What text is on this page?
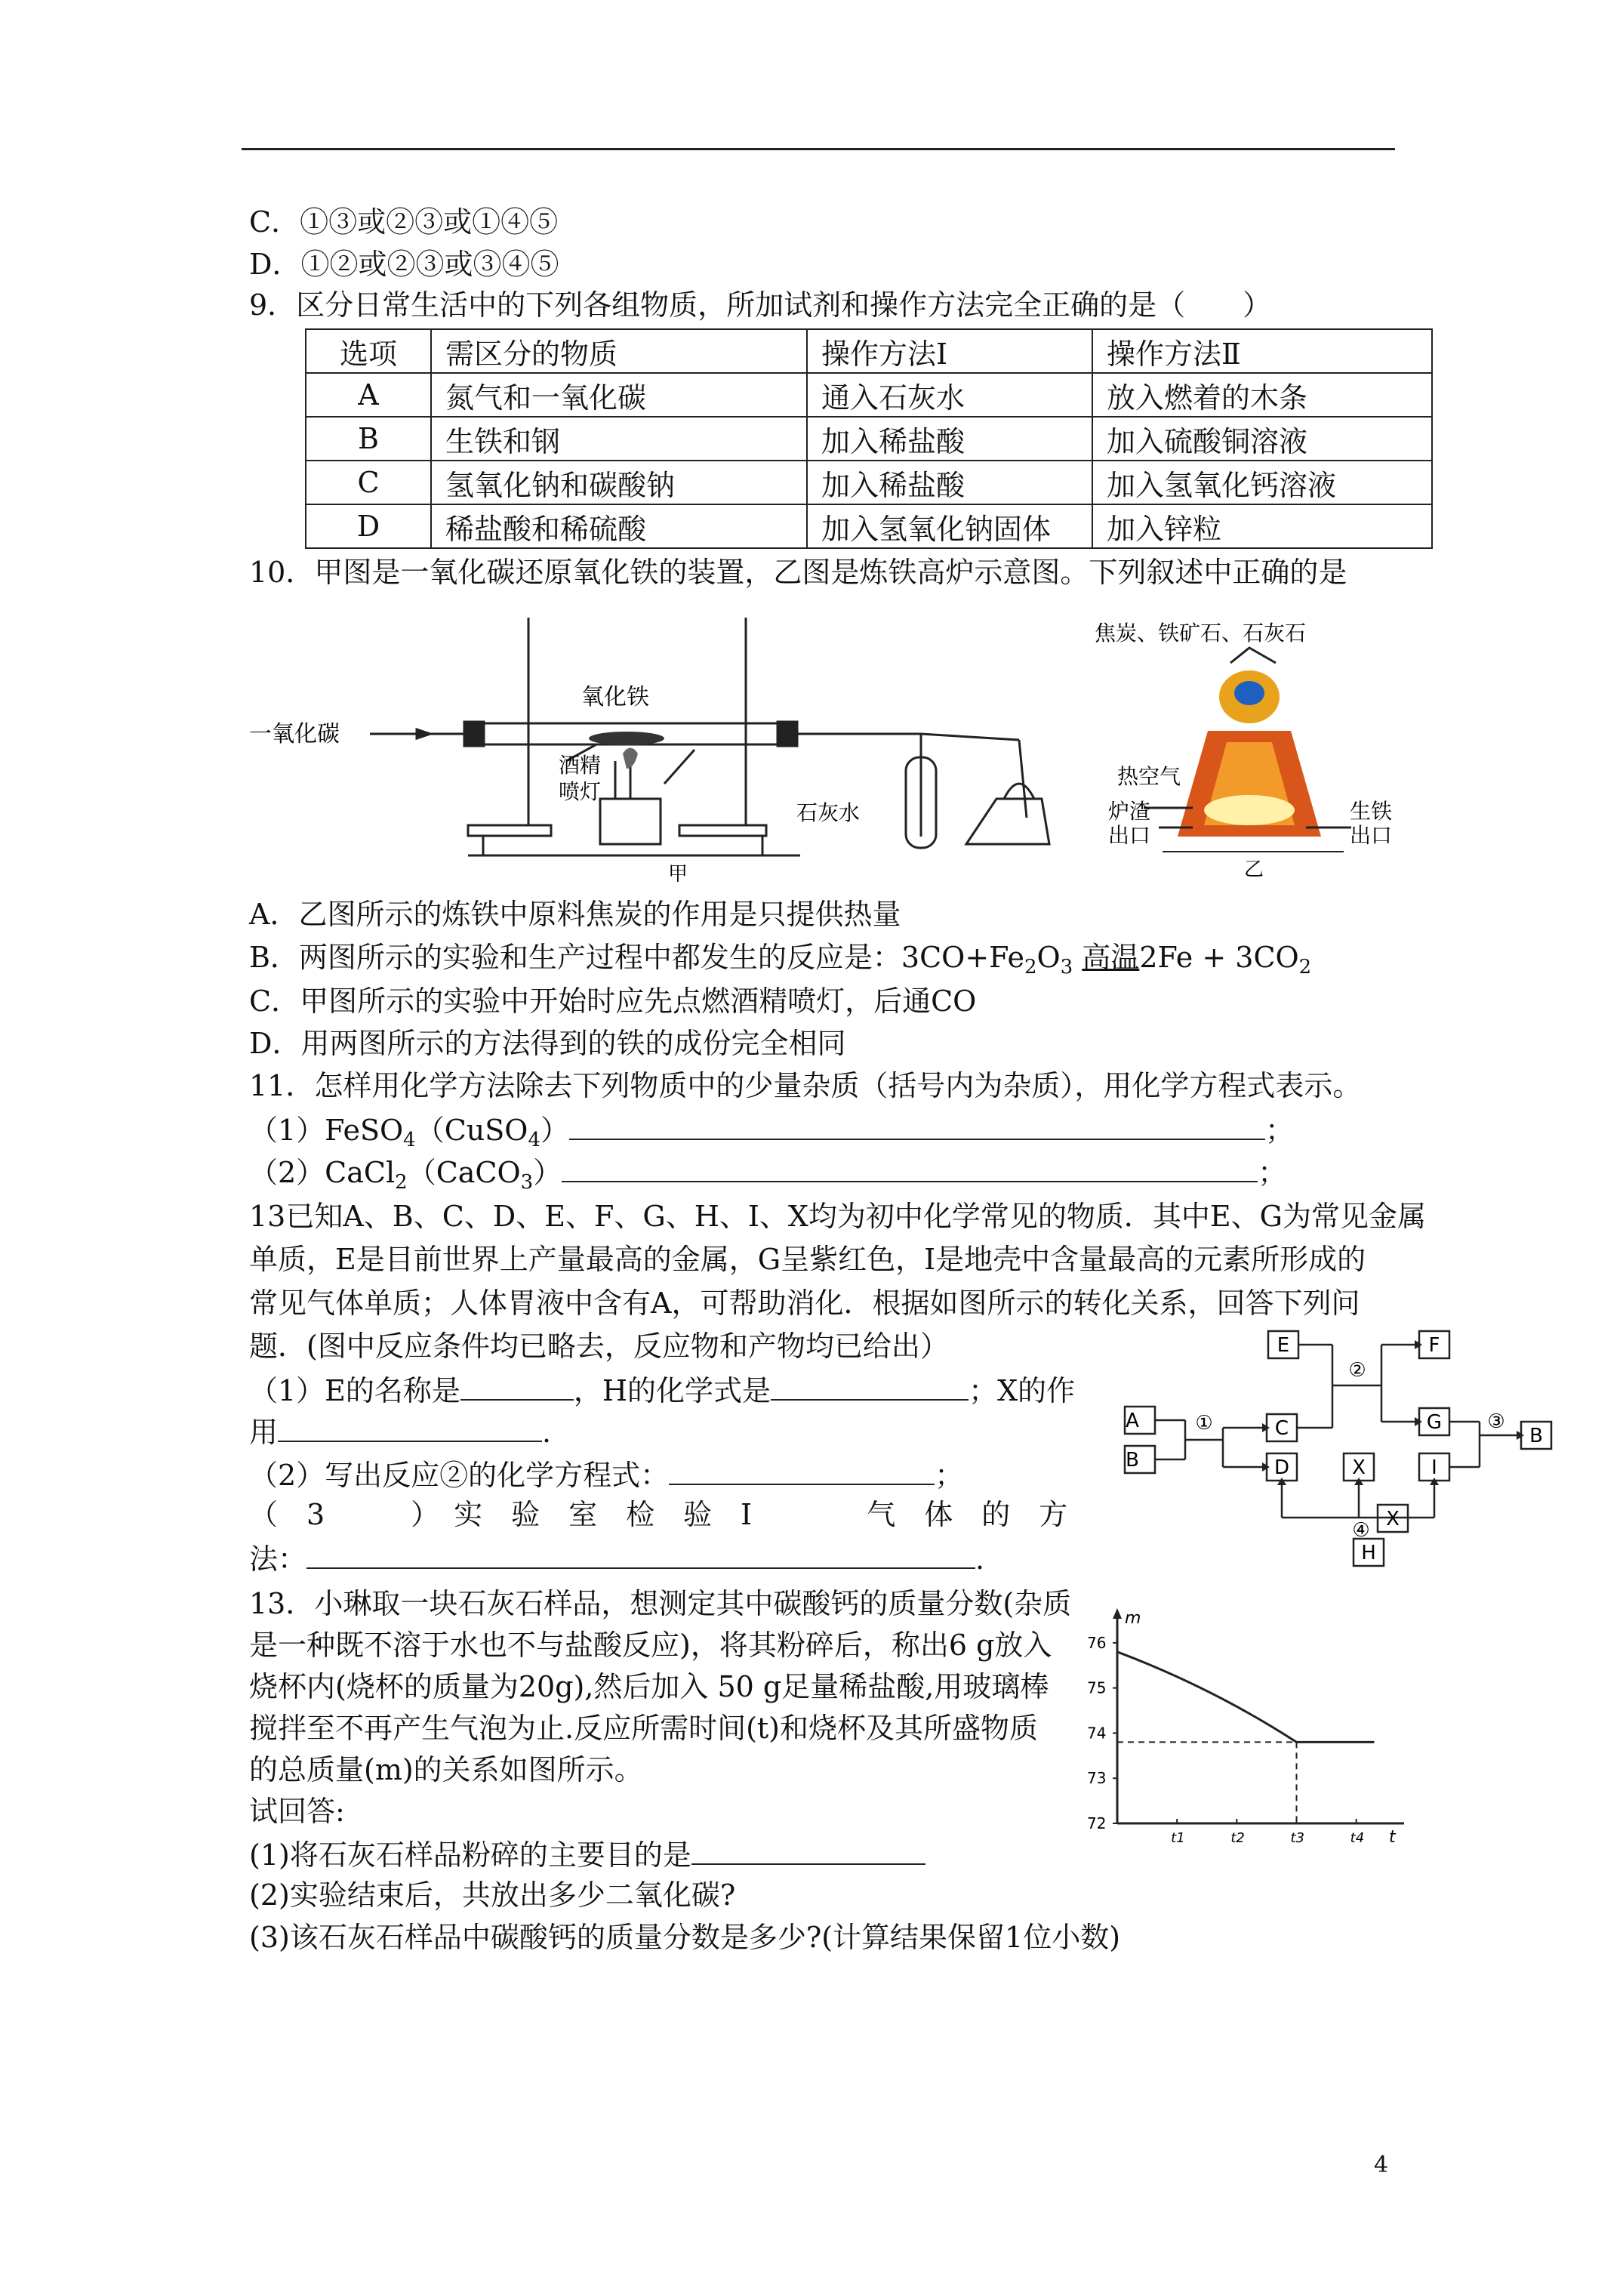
C．①③或②③或①④⑤
D．①②或②③或③④⑤
9．区分日常生活中的下列各组物质，所加试剂和操作方法完全正确的是（　　）
选项	需区分的物质	操作方法Ⅰ	操作方法Ⅱ
A	氮气和一氧化碳	通入石灰水	放入燃着的木条
B	生铁和钢	加入稀盐酸	加入硫酸铜溶液
C	氢氧化钠和碳酸钠	加入稀盐酸	加入氢氧化钙溶液
D	稀盐酸和稀硫酸	加入氢氧化钠固体	加入锌粒
10．甲图是一氧化碳还原氧化铁的装置，乙图是炼铁高炉示意图。下列叙述中正确的是
一氧化碳
氧化铁
酒精
喷灯
石灰水
甲
焦炭、铁矿石、石灰石
热空气
炉渣
出口
生铁
出口
乙
A．乙图所示的炼铁中原料焦炭的作用是只提供热量
B．两图所示的实验和生产过程中都发生的反应是：$3CO+Fe_2O_3$ 高温$2Fe + 3CO_2$
C．甲图所示的实验中开始时应先点燃酒精喷灯，后通CO
D．用两图所示的方法得到的铁的成份完全相同
11．怎样用化学方法除去下列物质中的少量杂质（括号内为杂质），用化学方程式表示。
（1）FeSO$_4$（CuSO$_4$）	；
（2）CaCl$_2$（CaCO$_3$）	；
13已知A、B、C、D、E、F、G、H、I、X均为初中化学常见的物质．其中E、G为常见金属
单质，E是目前世界上产量最高的金属，G呈紫红色，I是地壳中含量最高的元素所形成的
常见气体单质；人体胃液中含有A，可帮助消化．根据如图所示的转化关系，回答下列问
题．(图中反应条件均已略去，反应物和产物均已给出）
（1）E的名称是	，H的化学式是	；X的作
用	.
（2）写出反应②的化学方程式：	；
（　3　　　）　实　验　室　检　验　I　　　　气　体　的　方
法：	.
A
B
C
D
E	F
G
B
X	I
X
H
①
②
③
④
13．小琳取一块石灰石样品，想测定其中碳酸钙的质量分数(杂质
是一种既不溶于水也不与盐酸反应)，将其粉碎后，称出6 g放入
烧杯内(烧杯的质量为20g),然后加入 50 g足量稀盐酸,用玻璃棒
搅拌至不再产生气泡为止.反应所需时间(t)和烧杯及其所盛物质
的总质量(m)的关系如图所示。
试回答:
(1)将石灰石样品粉碎的主要目的是
(2)实验结束后，共放出多少二氧化碳?
(3)该石灰石样品中碳酸钙的质量分数是多少?(计算结果保留1位小数)
m
t
72
73
74
75
76
t1	t2	t3	t4
4
